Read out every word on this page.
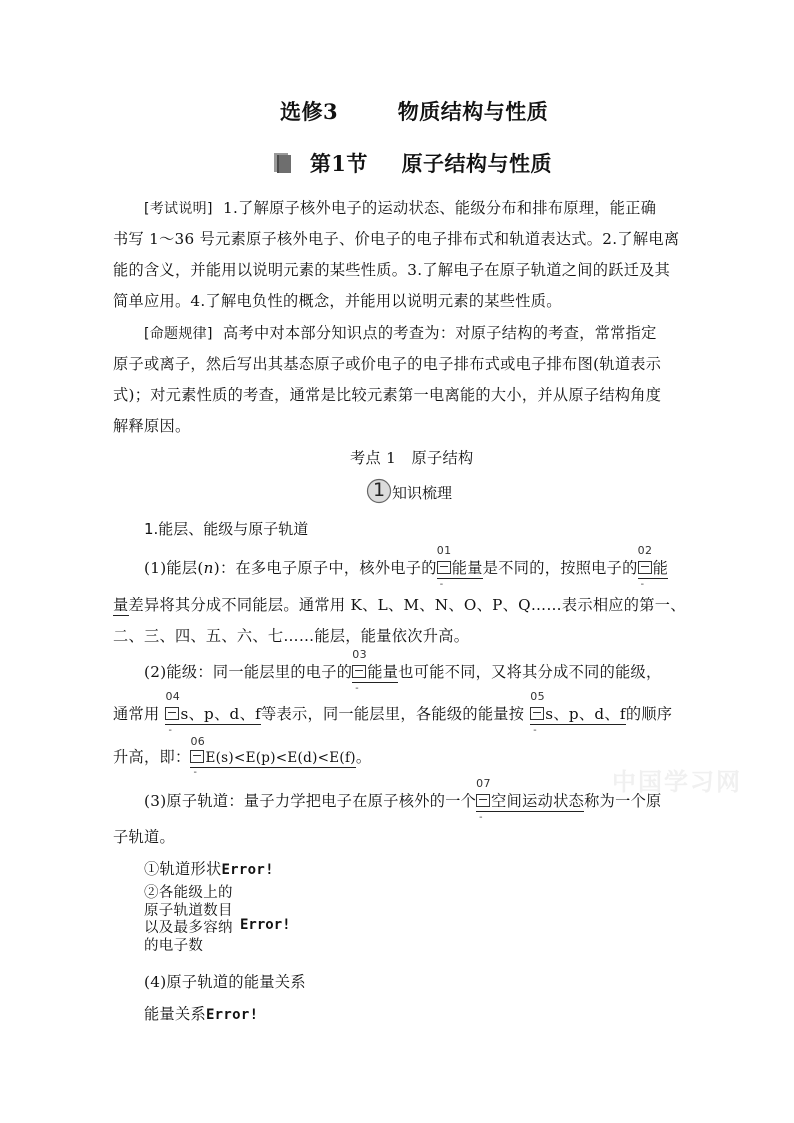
选修3	物质结构与性质
第1节 原子结构与性质
[考试说明] 1.了解原子核外电子的运动状态、能级分布和排布原理，能正确
书写 1～36 号元素原子核外电子、价电子的电子排布式和轨道表达式。2.了解电离
能的含义，并能用以说明元素的某些性质。3.了解电子在原子轨道之间的跃迁及其
简单应用。4.了解电负性的概念，并能用以说明元素的某些性质。
[命题规律] 高考中对本部分知识点的考查为：对原子结构的考查，常常指定
原子或离子，然后写出其基态原子或价电子的电子排布式或电子排布图(轨道表示
式)；对元素性质的考查，通常是比较元素第一电离能的大小，并从原子结构角度
解释原因。
考点 1　原子结构
1 知识梳理
1.能层、能级与原子轨道
(1)能层(n)：在多电子原子中，核外电子的
01
-
能量是不同的，按照电子的
02
-
能
量差异将其分成不同能层。通常用 K、L、M、N、O、P、Q……表示相应的第一、
二、三、四、五、六、七……能层，能量依次升高。
(2)能级：同一能层里的电子的
03
-
能量也可能不同，又将其分成不同的能级，
通常用
04
-
s、p、d、f等表示，同一能层里，各能级的能量按
05
-
s、p、d、f的顺序
升高，即：
06
-
E(s)<E(p)<E(d)<E(f)。
中国学习网
(3)原子轨道：量子力学把电子在原子核外的一个
07
-
空间运动状态称为一个原
子轨道。
①轨道形状Error!
②各能级上的
原子轨道数目
以及最多容纳
的电子数
Error!
(4)原子轨道的能量关系
能量关系Error!
